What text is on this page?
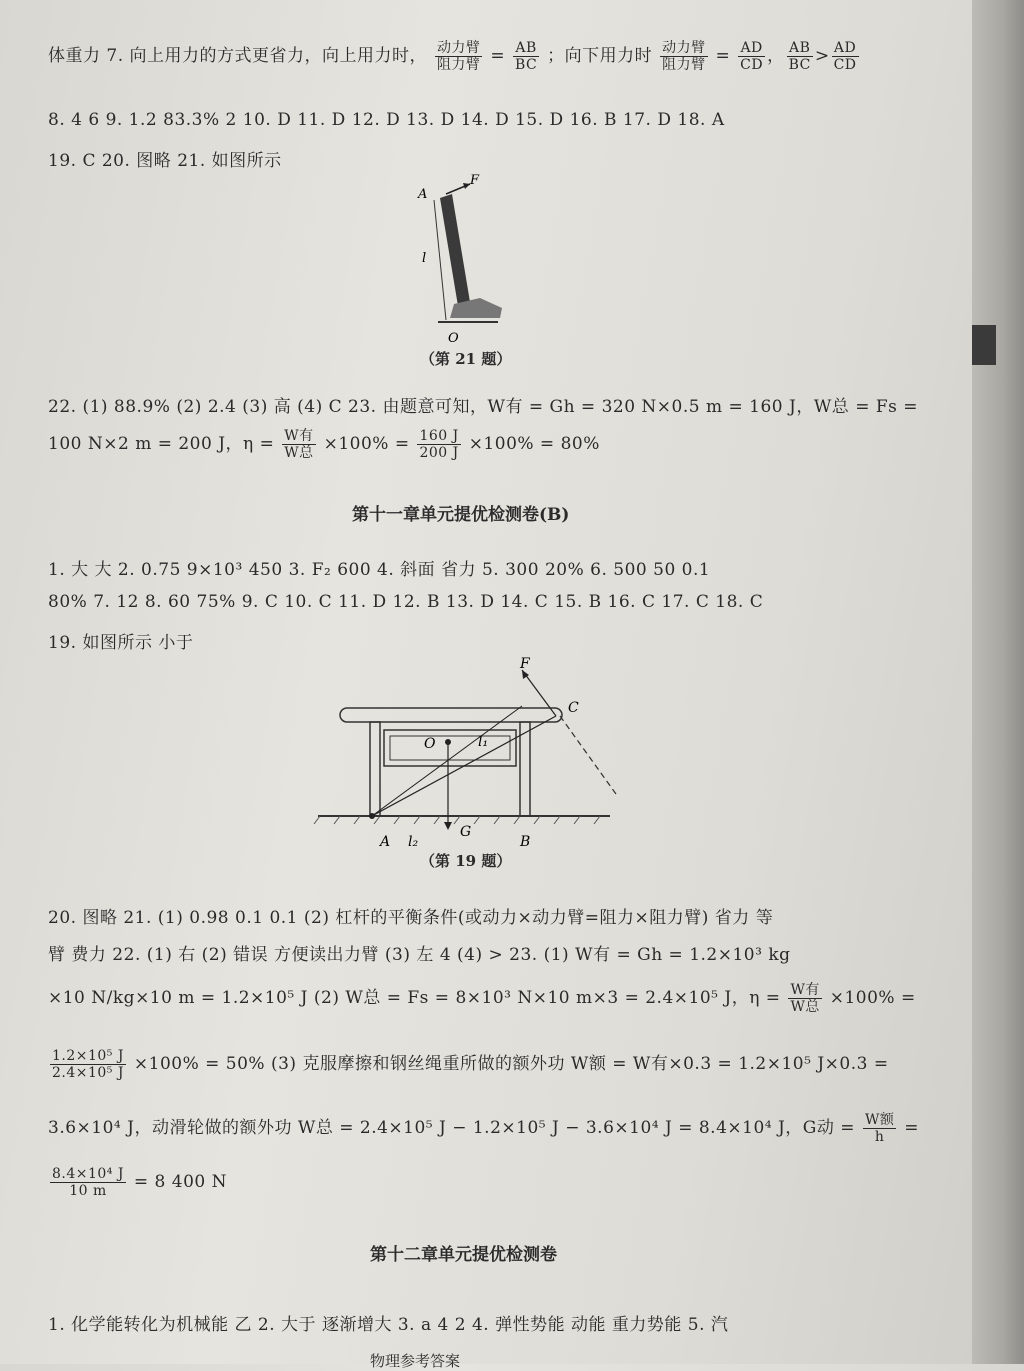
体重力 7. 向上用力的方式更省力，向上用力时， $\frac{\text{动力臂}}{\text{阻力臂}} = \frac{AB}{BC}$ ；向下用力时 $\frac{\text{动力臂}}{\text{阻力臂}} = \frac{AD}{CD}$ ， $\frac{AB}{BC} > \frac{AD}{CD}$
8. 4 6 9. 1.2 83.3% 2 10. D 11. D 12. D 13. D 14. D 15. D 16. B 17. D 18. A
19. C 20. 图略 21. 如图所示
A
F
l
O
（第 21 题）
22. (1) 88.9% (2) 2.4 (3) 高 (4) C 23. 由题意可知，W有 = Gh = 320 N×0.5 m = 160 J，W总 = Fs =
100 N×2 m = 200 J，$\eta = \frac{\text{W有}}{\text{W总}} \times 100\% = \frac{160 J}{200 J} \times 100\% = 80\%$
第十一章单元提优检测卷(B)
1. 大 大 2. 0.75 9×10³ 450 3. F₂ 600 4. 斜面 省力 5. 300 20% 6. 500 50 0.1
80% 7. 12 8. 60 75% 9. C 10. C 11. D 12. B 13. D 14. C 15. B 16. C 17. C 18. C
19. 如图所示 小于
F
C
O	l₁
A l₂
G
B
（第 19 题）
20. 图略 21. (1) 0.98 0.1 0.1 (2) 杠杆的平衡条件(或动力×动力臂=阻力×阻力臂) 省力 等
臂 费力 22. (1) 右 (2) 错误 方便读出力臂 (3) 左 4 (4) > 23. (1) W有 = Gh = 1.2×10³ kg
×10 N/kg×10 m = 1.2×10⁵ J (2) W总 = Fs = 8×10³ N×10 m×3 = 2.4×10⁵ J，$\eta = \frac{\text{W有}}{\text{W总}} \times 100\%$ =
$\frac{\text{1.2×10⁵ J}}{\text{2.4×10⁵ J}} \times 100\% = 50\%$ (3) 克服摩擦和钢丝绳重所做的额外功 W额 = W有×0.3 = 1.2×10⁵ J×0.3 =
3.6×10⁴ J，动滑轮做的额外功 W总 = 2.4×10⁵ J − 1.2×10⁵ J − 3.6×10⁴ J = 8.4×10⁴ J，G动 = $\frac{\text{W额}}{h}$ =
$\frac{\text{8.4×10⁴ J}}{10 m} = 8$ 400 N
第十二章单元提优检测卷
1. 化学能转化为机械能 乙 2. 大于 逐渐增大 3. a 4 2 4. 弹性势能 动能 重力势能 5. 汽
物理参考答案
